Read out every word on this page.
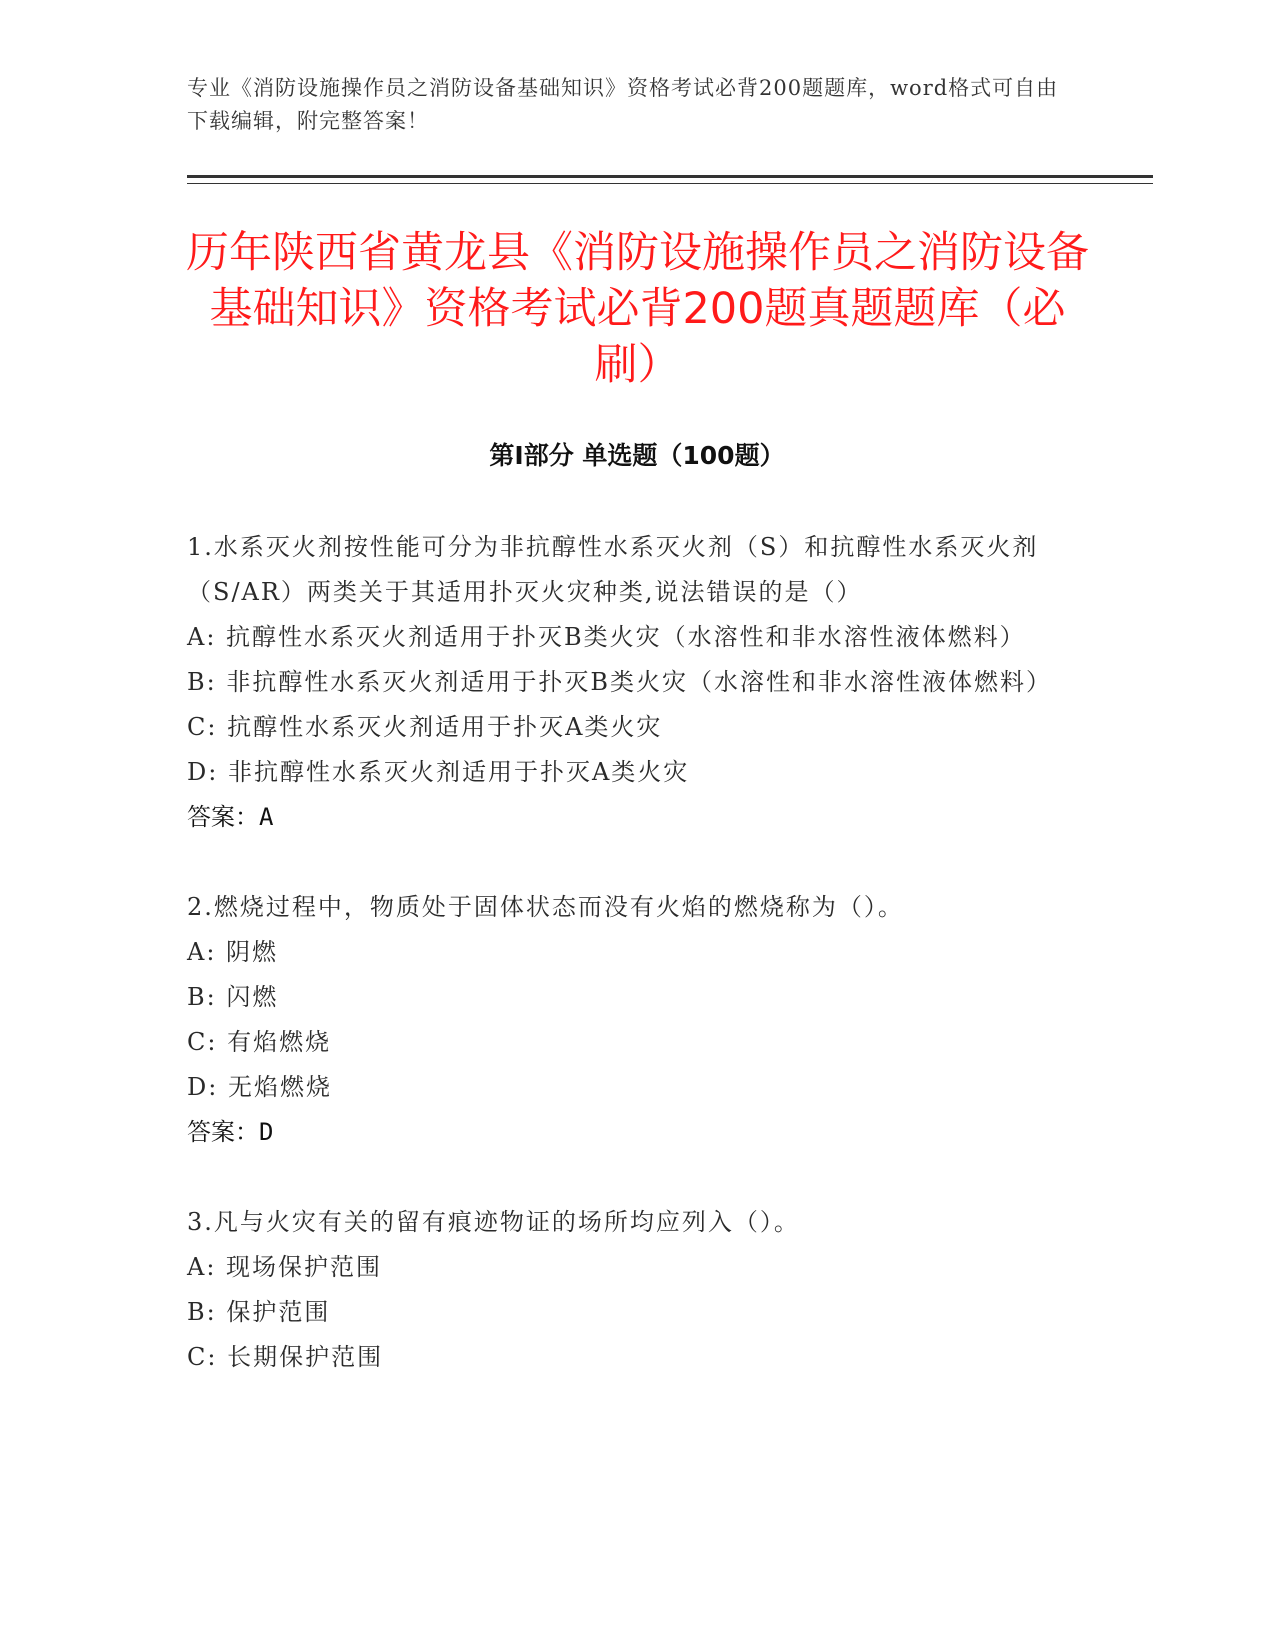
专业《消防设施操作员之消防设备基础知识》资格考试必背200题题库，word格式可自由下载编辑，附完整答案！
历年陕西省黄龙县《消防设施操作员之消防设备基础知识》资格考试必背200题真题题库（必刷）
第I部分 单选题（100题）
1.水系灭火剂按性能可分为非抗醇性水系灭火剂（S）和抗醇性水系灭火剂（S/AR）两类关于其适用扑灭火灾种类,说法错误的是（）
A: 抗醇性水系灭火剂适用于扑灭B类火灾（水溶性和非水溶性液体燃料）
B: 非抗醇性水系灭火剂适用于扑灭B类火灾（水溶性和非水溶性液体燃料）
C: 抗醇性水系灭火剂适用于扑灭A类火灾
D: 非抗醇性水系灭火剂适用于扑灭A类火灾
答案：A
2.燃烧过程中，物质处于固体状态而没有火焰的燃烧称为（）。
A: 阴燃
B: 闪燃
C: 有焰燃烧
D: 无焰燃烧
答案：D
3.凡与火灾有关的留有痕迹物证的场所均应列入（）。
A: 现场保护范围
B: 保护范围
C: 长期保护范围
